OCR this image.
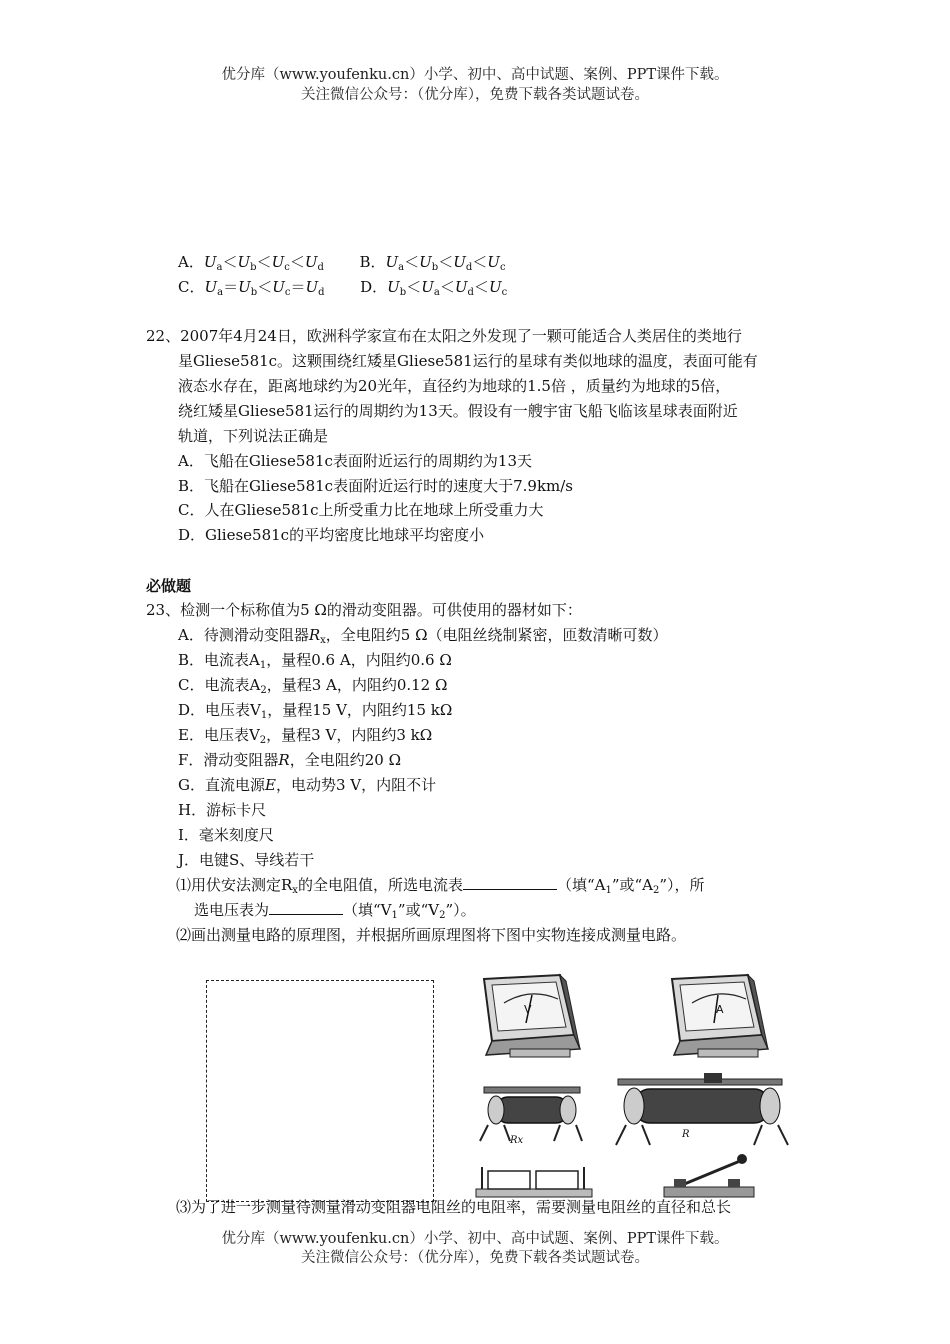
优分库（www.youfenku.cn）小学、初中、高中试题、案例、PPT课件下载。
关注微信公众号：（优分库），免费下载各类试题试卷。
A．$U_a<U_b<U_c<U_d$ B．$U_a<U_b<U_d<U_c$
C．$U_a=U_b<U_c=U_d$ D．$U_b<U_a<U_d<U_c$
22、2007年4月24日，欧洲科学家宣布在太阳之外发现了一颗可能适合人类居住的类地行
星Gliese581c。这颗围绕红矮星Gliese581运行的星球有类似地球的温度，表面可能有
液态水存在，距离地球约为20光年，直径约为地球的1.5倍 ，质量约为地球的5倍，
绕红矮星Gliese581运行的周期约为13天。假设有一艘宇宙飞船飞临该星球表面附近
轨道，下列说法正确是
A．飞船在Gliese581c表面附近运行的周期约为13天
B．飞船在Gliese581c表面附近运行时的速度大于7.9km/s
C．人在Gliese581c上所受重力比在地球上所受重力大
D．Gliese581c的平均密度比地球平均密度小
必做题
23、检测一个标称值为5 Ω的滑动变阻器。可供使用的器材如下：
A．待测滑动变阻器$R_x$，全电阻约5 Ω（电阻丝绕制紧密，匝数清晰可数）
B．电流表$A_1$，量程0.6 A，内阻约0.6 Ω
C．电流表$A_2$，量程3 A，内阻约0.12 Ω
D．电压表$V_1$，量程15 V，内阻约15 kΩ
E．电压表$V_2$，量程3 V，内阻约3 kΩ
F．滑动变阻器R，全电阻约20 Ω
G．直流电源E，电动势3 V，内阻不计
H．游标卡尺
I．毫米刻度尺
J．电键S、导线若干
⑴用伏安法测定$R_x$的全电阻值，所选电流表	（填“$A_1$”或“$A_2$”），所
选电压表为	（填“$V_1$”或“$V_2$”）。
⑵画出测量电路的原理图，并根据所画原理图将下图中实物连接成测量电路。
V	A
Rx
R
⑶为了进一步测量待测量滑动变阻器电阻丝的电阻率，需要测量电阻丝的直径和总长
优分库（www.youfenku.cn）小学、初中、高中试题、案例、PPT课件下载。
关注微信公众号：（优分库），免费下载各类试题试卷。
